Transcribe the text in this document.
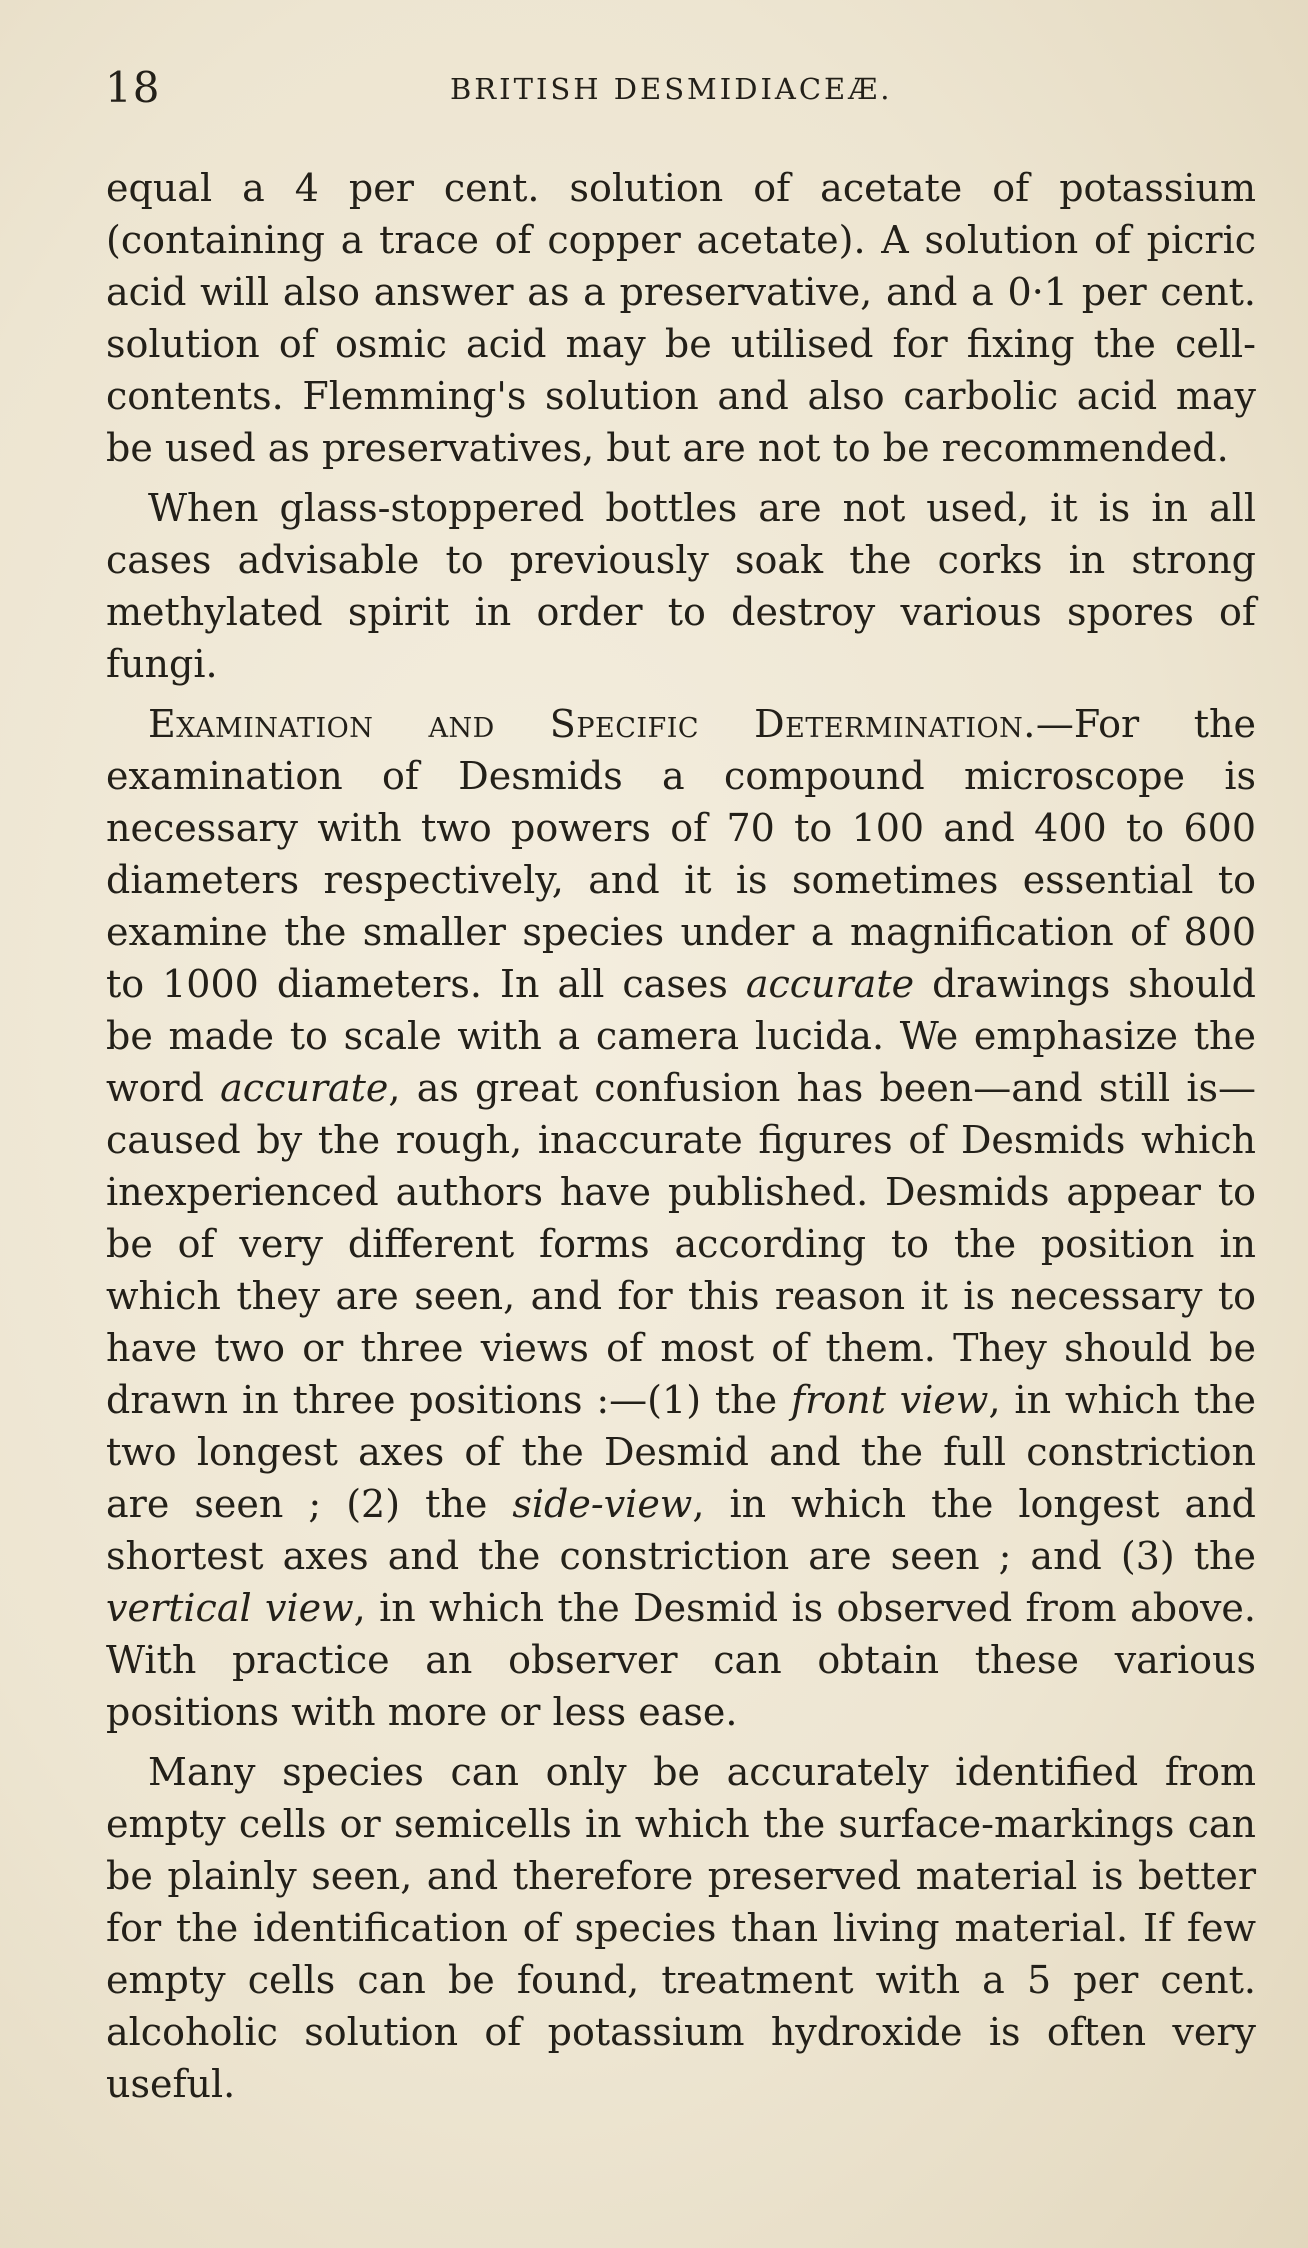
18	BRITISH DESMIDIACEÆ.

equal a 4 per cent. solution of acetate of potassium (containing a trace of copper acetate). A solution of picric acid will also answer as a preservative, and a 0·1 per cent. solution of osmic acid may be utilised for fixing the cell-contents. Flemming's solution and also carbolic acid may be used as preservatives, but are not to be recommended.

When glass-stoppered bottles are not used, it is in all cases advisable to previously soak the corks in strong methylated spirit in order to destroy various spores of fungi.

Examination and Specific Determination.—For the examination of Desmids a compound microscope is necessary with two powers of 70 to 100 and 400 to 600 diameters respectively, and it is sometimes essential to examine the smaller species under a magnification of 800 to 1000 diameters. In all cases accurate drawings should be made to scale with a camera lucida. We emphasize the word accurate, as great confusion has been—and still is—caused by the rough, inaccurate figures of Desmids which inexperienced authors have published. Desmids appear to be of very different forms according to the position in which they are seen, and for this reason it is necessary to have two or three views of most of them. They should be drawn in three positions :—(1) the front view, in which the two longest axes of the Desmid and the full constriction are seen ; (2) the side-view, in which the longest and shortest axes and the constriction are seen ; and (3) the vertical view, in which the Desmid is observed from above. With practice an observer can obtain these various positions with more or less ease.

Many species can only be accurately identified from empty cells or semicells in which the surface-markings can be plainly seen, and therefore preserved material is better for the identification of species than living material. If few empty cells can be found, treatment with a 5 per cent. alcoholic solution of potassium hydroxide is often very useful.
